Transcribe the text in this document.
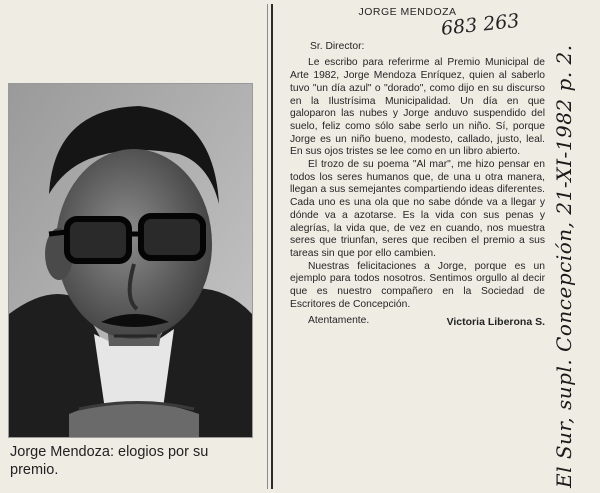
Jorge Mendoza: elogios por su premio.
JORGE MENDOZA
Sr. Director:

Le escribo para referirme al Premio Municipal de Arte 1982, Jorge Mendoza Enríquez, quien al saberlo tuvo "un día azul" o "dorado", como dijo en su discurso en la Ilustrísima Municipalidad. Un día en que galoparon las nubes y Jorge anduvo suspendido del suelo, feliz como sólo sabe serlo un niño. Sí, porque Jorge es un niño bueno, modesto, callado, justo, leal. En sus ojos tristes se lee como en un libro abierto.

El trozo de su poema "Al mar", me hizo pensar en todos los seres humanos que, de una u otra manera, llegan a sus semejantes compartiendo ideas diferentes. Cada uno es una ola que no sabe dónde va a llegar y dónde va a azotarse. Es la vida con sus penas y alegrías, la vida que, de vez en cuando, nos muestra seres que triunfan, seres que reciben el premio a sus tareas sin que por ello cambien.

Nuestras felicitaciones a Jorge, porque es un ejemplo para todos nosotros. Sentimos orgullo al decir que es nuestro compañero en la Sociedad de Escritores de Concepción.

Atentamente.	Victoria Liberona S.
683 263
El Sur, supl. Concepción, 21-XI-1982 p. 2.
